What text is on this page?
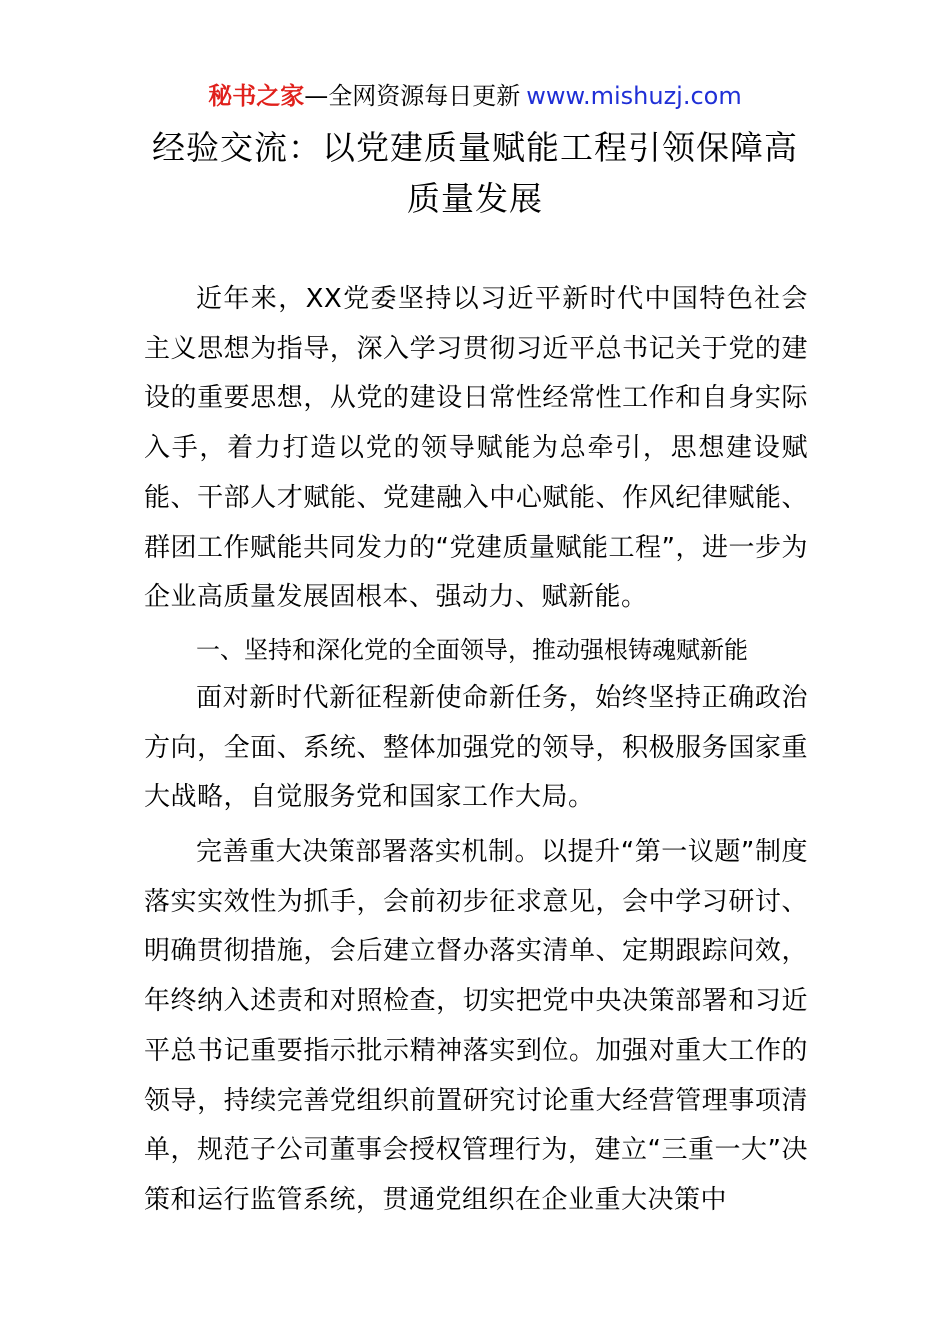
秘书之家—全网资源每日更新 www.mishuzj.com
经验交流：以党建质量赋能工程引领保障高质量发展

近年来，XX党委坚持以习近平新时代中国特色社会主义思想为指导，深入学习贯彻习近平总书记关于党的建设的重要思想，从党的建设日常性经常性工作和自身实际入手，着力打造以党的领导赋能为总牵引，思想建设赋能、干部人才赋能、党建融入中心赋能、作风纪律赋能、群团工作赋能共同发力的“党建质量赋能工程”，进一步为企业高质量发展固根本、强动力、赋新能。

一、坚持和深化党的全面领导，推动强根铸魂赋新能

面对新时代新征程新使命新任务，始终坚持正确政治方向，全面、系统、整体加强党的领导，积极服务国家重大战略，自觉服务党和国家工作大局。

完善重大决策部署落实机制。以提升“第一议题”制度落实实效性为抓手，会前初步征求意见，会中学习研讨、明确贯彻措施，会后建立督办落实清单、定期跟踪问效，年终纳入述责和对照检查，切实把党中央决策部署和习近平总书记重要指示批示精神落实到位。加强对重大工作的领导，持续完善党组织前置研究讨论重大经营管理事项清单，规范子公司董事会授权管理行为，建立“三重一大”决策和运行监管系统，贯通党组织在企业重大决策中
